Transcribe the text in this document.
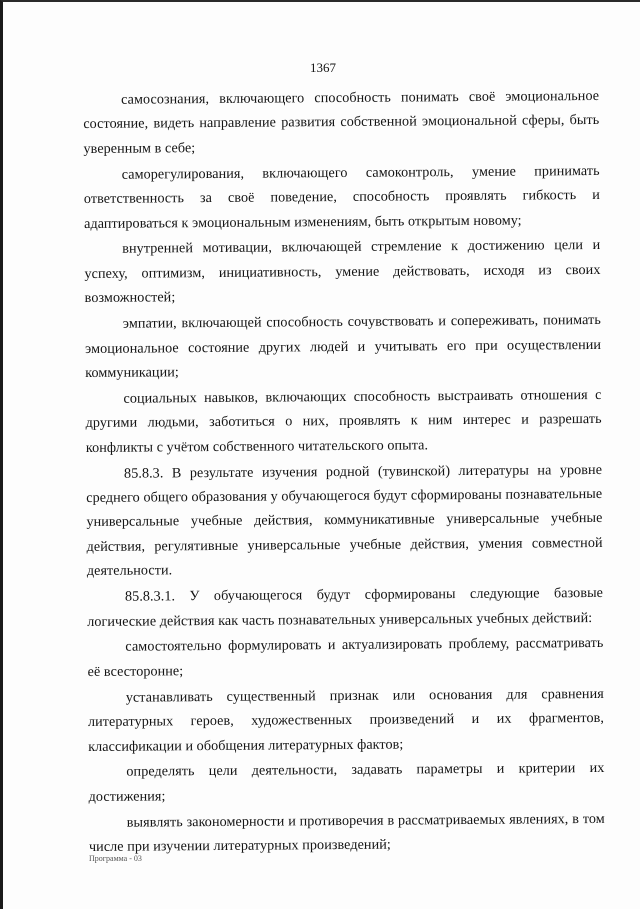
1367

самосознания, включающего способность понимать своё эмоциональное состояние, видеть направление развития собственной эмоциональной сферы, быть уверенным в себе;

саморегулирования, включающего самоконтроль, умение принимать ответственность за своё поведение, способность проявлять гибкость и адаптироваться к эмоциональным изменениям, быть открытым новому;

внутренней мотивации, включающей стремление к достижению цели и успеху, оптимизм, инициативность, умение действовать, исходя из своих возможностей;

эмпатии, включающей способность сочувствовать и сопереживать, понимать эмоциональное состояние других людей и учитывать его при осуществлении коммуникации;

социальных навыков, включающих способность выстраивать отношения с другими людьми, заботиться о них, проявлять к ним интерес и разрешать конфликты с учётом собственного читательского опыта.

85.8.3. В результате изучения родной (тувинской) литературы на уровне среднего общего образования у обучающегося будут сформированы познавательные универсальные учебные действия, коммуникативные универсальные учебные действия, регулятивные универсальные учебные действия, умения совместной деятельности.

85.8.3.1. У обучающегося будут сформированы следующие базовые логические действия как часть познавательных универсальных учебных действий:

самостоятельно формулировать и актуализировать проблему, рассматривать её всесторонне;

устанавливать существенный признак или основания для сравнения литературных героев, художественных произведений и их фрагментов, классификации и обобщения литературных фактов;

определять цели деятельности, задавать параметры и критерии их достижения;

выявлять закономерности и противоречия в рассматриваемых явлениях, в том числе при изучении литературных произведений;

Программа - 03
